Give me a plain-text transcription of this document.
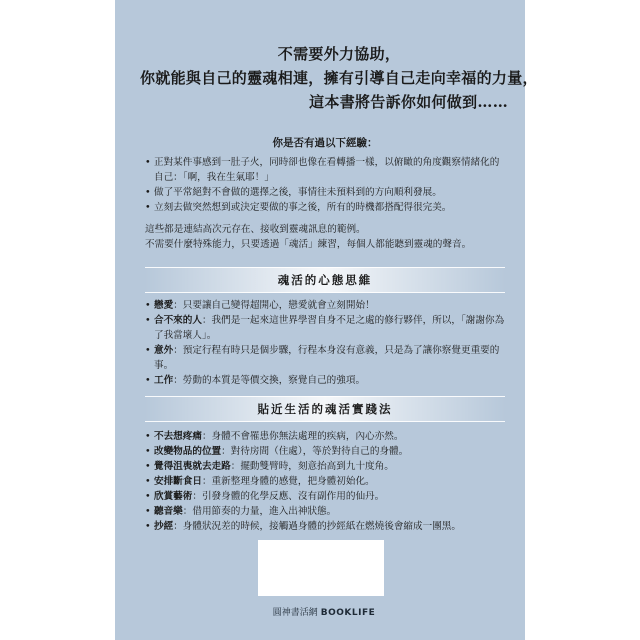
不需要外力協助，
你就能與自己的靈魂相連，擁有引導自己走向幸福的力量，
這本書將告訴你如何做到……
你是否有過以下經驗：
• 正對某件事感到一肚子火，同時卻也像在看轉播一樣，以俯瞰的角度觀察情緒化的自己：「啊，我在生氣耶！」
• 做了平常絕對不會做的選擇之後，事情往未預料到的方向順利發展。
• 立刻去做突然想到或決定要做的事之後，所有的時機都搭配得很完美。
這些都是連結高次元存在、接收到靈魂訊息的範例。
不需要什麼特殊能力，只要透過「魂活」練習，每個人都能聽到靈魂的聲音。
魂活的心態思維
• 戀愛：只要讓自己變得超開心，戀愛就會立刻開始！
• 合不來的人：我們是一起來這世界學習自身不足之處的修行夥伴，所以，「謝謝你為了我當壞人」。
• 意外：預定行程有時只是個步驟，行程本身沒有意義，只是為了讓你察覺更重要的事。
• 工作：勞動的本質是等價交換，察覺自己的強項。
貼近生活的魂活實踐法
• 不去想疼痛：身體不會罹患你無法處理的疾病，內心亦然。
• 改變物品的位置：對待房間（住處），等於對待自己的身體。
• 覺得沮喪就去走路：擺動雙臂時，刻意抬高到九十度角。
• 安排斷食日：重新整理身體的感覺，把身體初始化。
• 欣賞藝術：引發身體的化學反應、沒有副作用的仙丹。
• 聽音樂：借用節奏的力量，進入出神狀態。
• 抄經：身體狀況差的時候，接觸過身體的抄經紙在燃燒後會縮成一團黑。
圓神書活網 BOOKLIFE
